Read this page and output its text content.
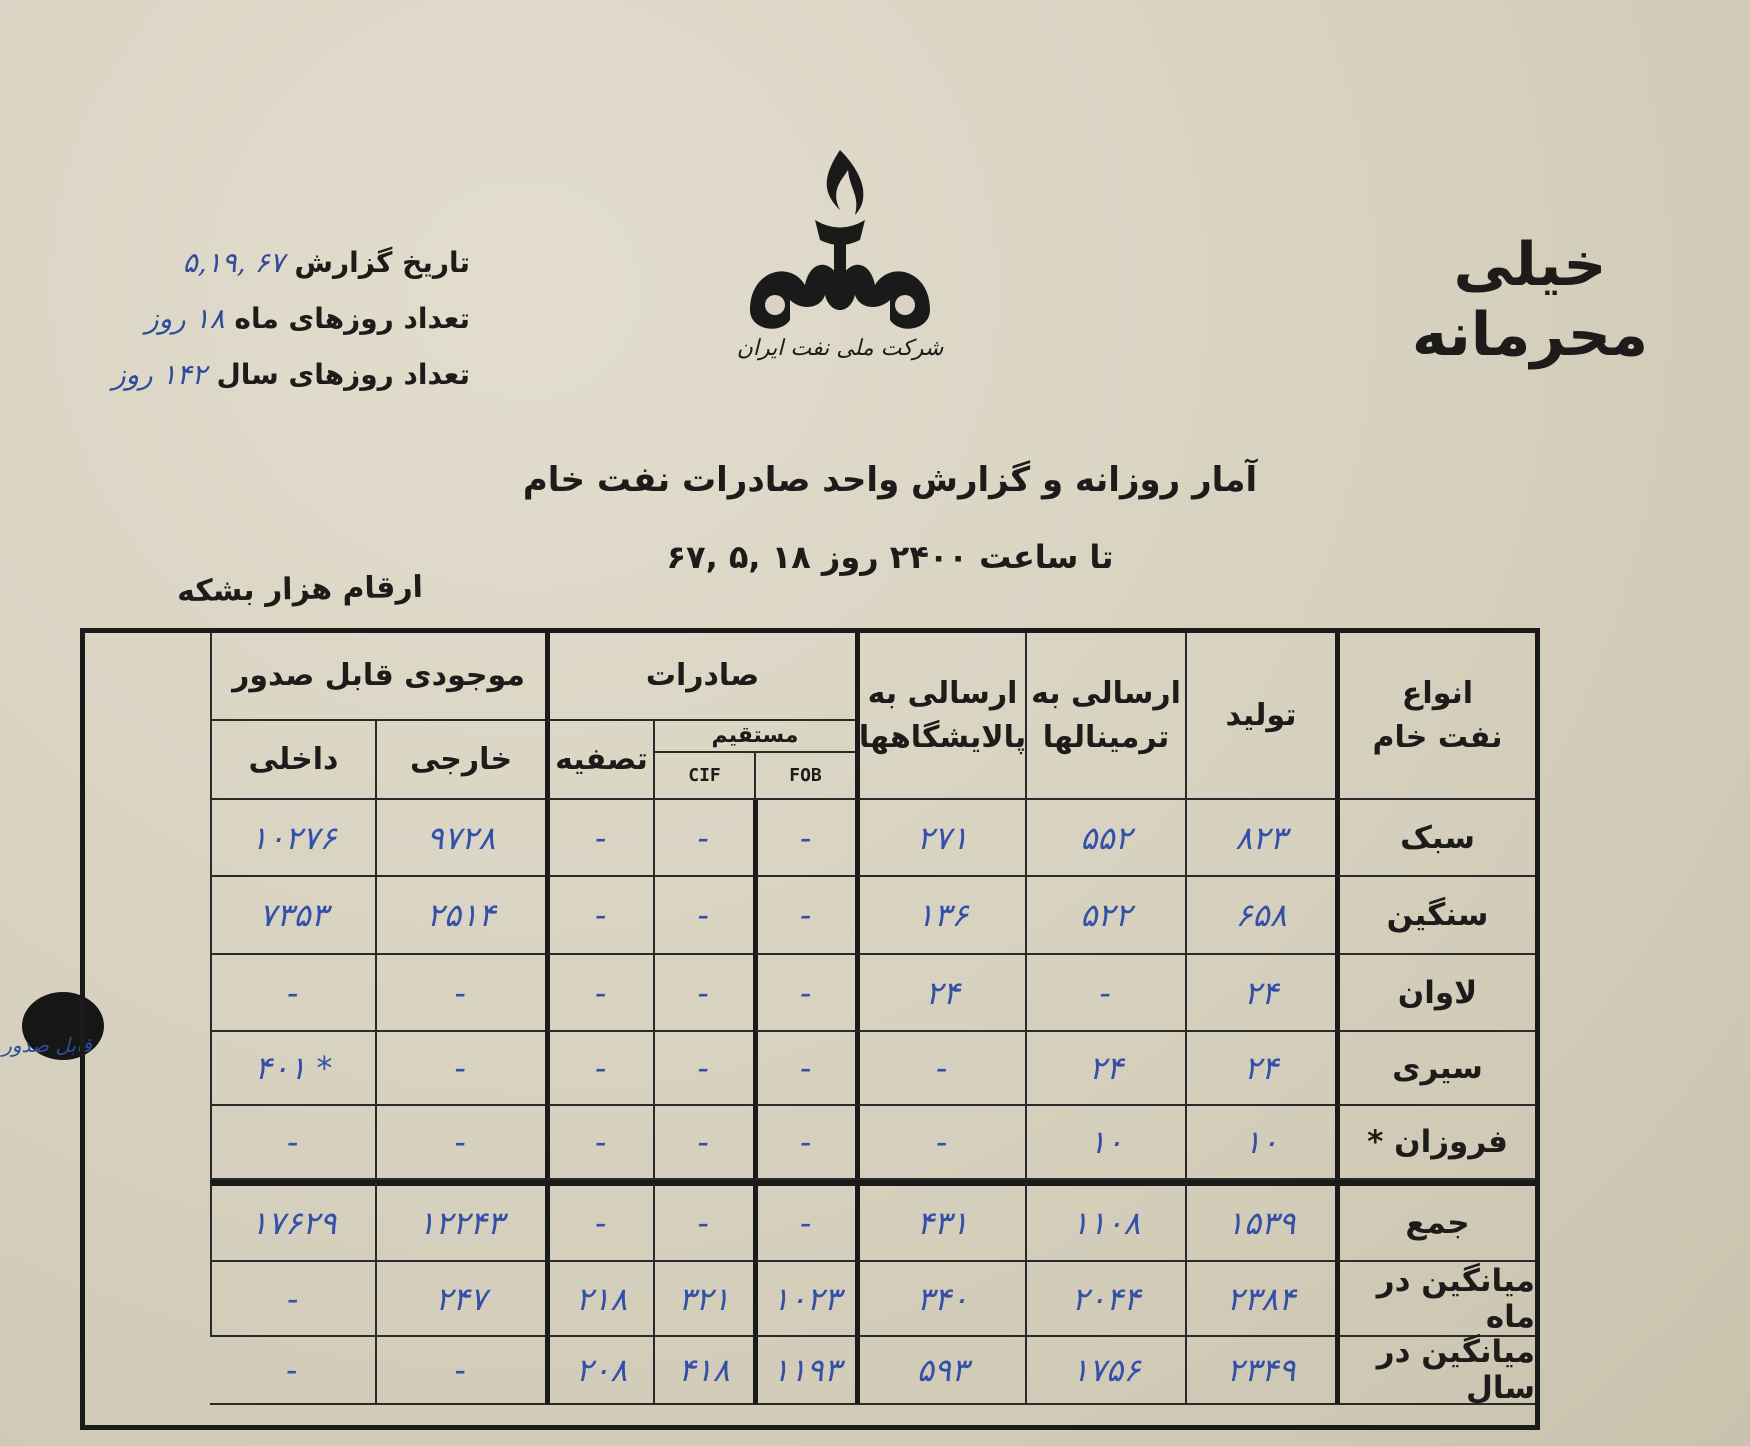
قابل صدور
خیلی محرمانه
تاریخ گزارش ۶۷ ,۵,۱۹
تعداد روزهای ماه ۱۸ روز
تعداد روزهای سال ۱۴۲ روز
شرکت ملی نفت ایران
آمار روزانه و گزارش واحد صادرات نفت خام
تا ساعت ۲۴۰۰ روز ۱۸ ,۵ ,۶۷
ارقام هزار بشکه
انواع
نفت خام
تولید
ارسالی به
ترمینالها
ارسالی به
پالایشگاهها
صادرات
موجودی قابل صدور
مستقیم
FOB
CIF
تصفیه
خارجی
داخلی
سبک
۸۲۳
۵۵۲
۲۷۱
-
-
-
۹۷۲۸
۱۰۲۷۶
سنگین
۶۵۸
۵۲۲
۱۳۶
-
-
-
۲۵۱۴
۷۳۵۳
لاوان
۲۴
-
۲۴
-
-
-
-
-
سیری
۲۴
۲۴
-
-
-
-
-
* ۴۰۱
فروزان *
۱۰
۱۰
-
-
-
-
-
-
جمع
۱۵۳۹
۱۱۰۸
۴۳۱
-
-
-
۱۲۲۴۳
۱۷۶۲۹
میانگین در ماه
۲۳۸۴
۲۰۴۴
۳۴۰
۱۰۲۳
۳۲۱
۲۱۸
۲۴۷
-
میانگین در سال
۲۳۴۹
۱۷۵۶
۵۹۳
۱۱۹۳
۴۱۸
۲۰۸
-
-
